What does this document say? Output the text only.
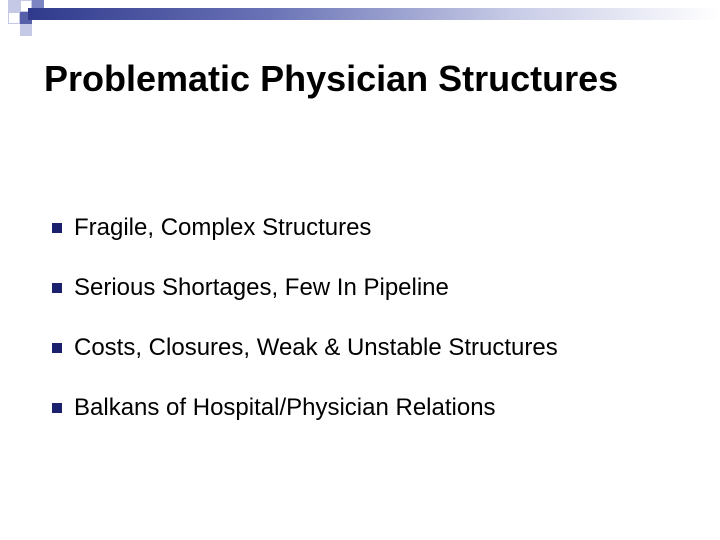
Problematic Physician Structures
Fragile, Complex Structures
Serious Shortages, Few In Pipeline
Costs, Closures, Weak & Unstable Structures
Balkans of Hospital/Physician Relations
